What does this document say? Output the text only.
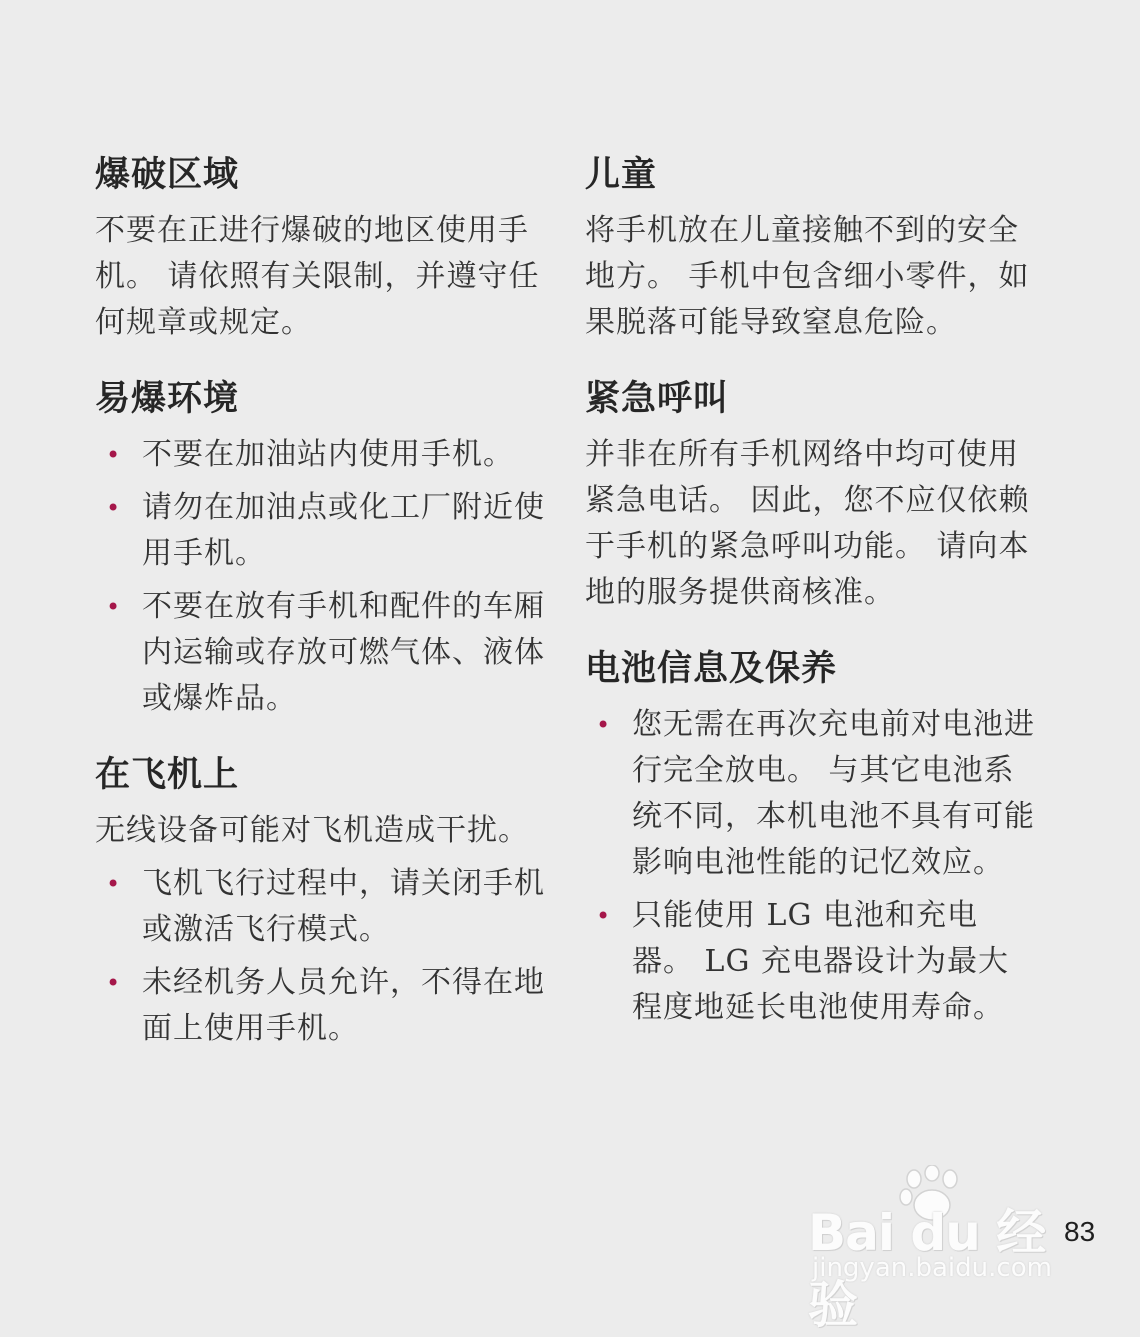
爆破区域

不要在正进行爆破的地区使用手机。 请依照有关限制，并遵守任何规章或规定。

易爆环境
• 不要在加油站内使用手机。
• 请勿在加油点或化工厂附近使用手机。
• 不要在放有手机和配件的车厢内运输或存放可燃气体、液体或爆炸品。
在飞机上

无线设备可能对飞机造成干扰。

• 飞机飞行过程中，请关闭手机或激活飞行模式。
• 未经机务人员允许，不得在地面上使用手机。
儿童

将手机放在儿童接触不到的安全地方。 手机中包含细小零件，如果脱落可能导致窒息危险。

紧急呼叫

并非在所有手机网络中均可使用紧急电话。 因此，您不应仅依赖于手机的紧急呼叫功能。 请向本地的服务提供商核准。

电池信息及保养
• 您无需在再次充电前对电池进行完全放电。 与其它电池系统不同，本机电池不具有可能影响电池性能的记忆效应。
• 只能使用 LG 电池和充电器。 LG 充电器设计为最大程度地延长电池使用寿命。
Bai du 经验
jingyan.baidu.com
83
